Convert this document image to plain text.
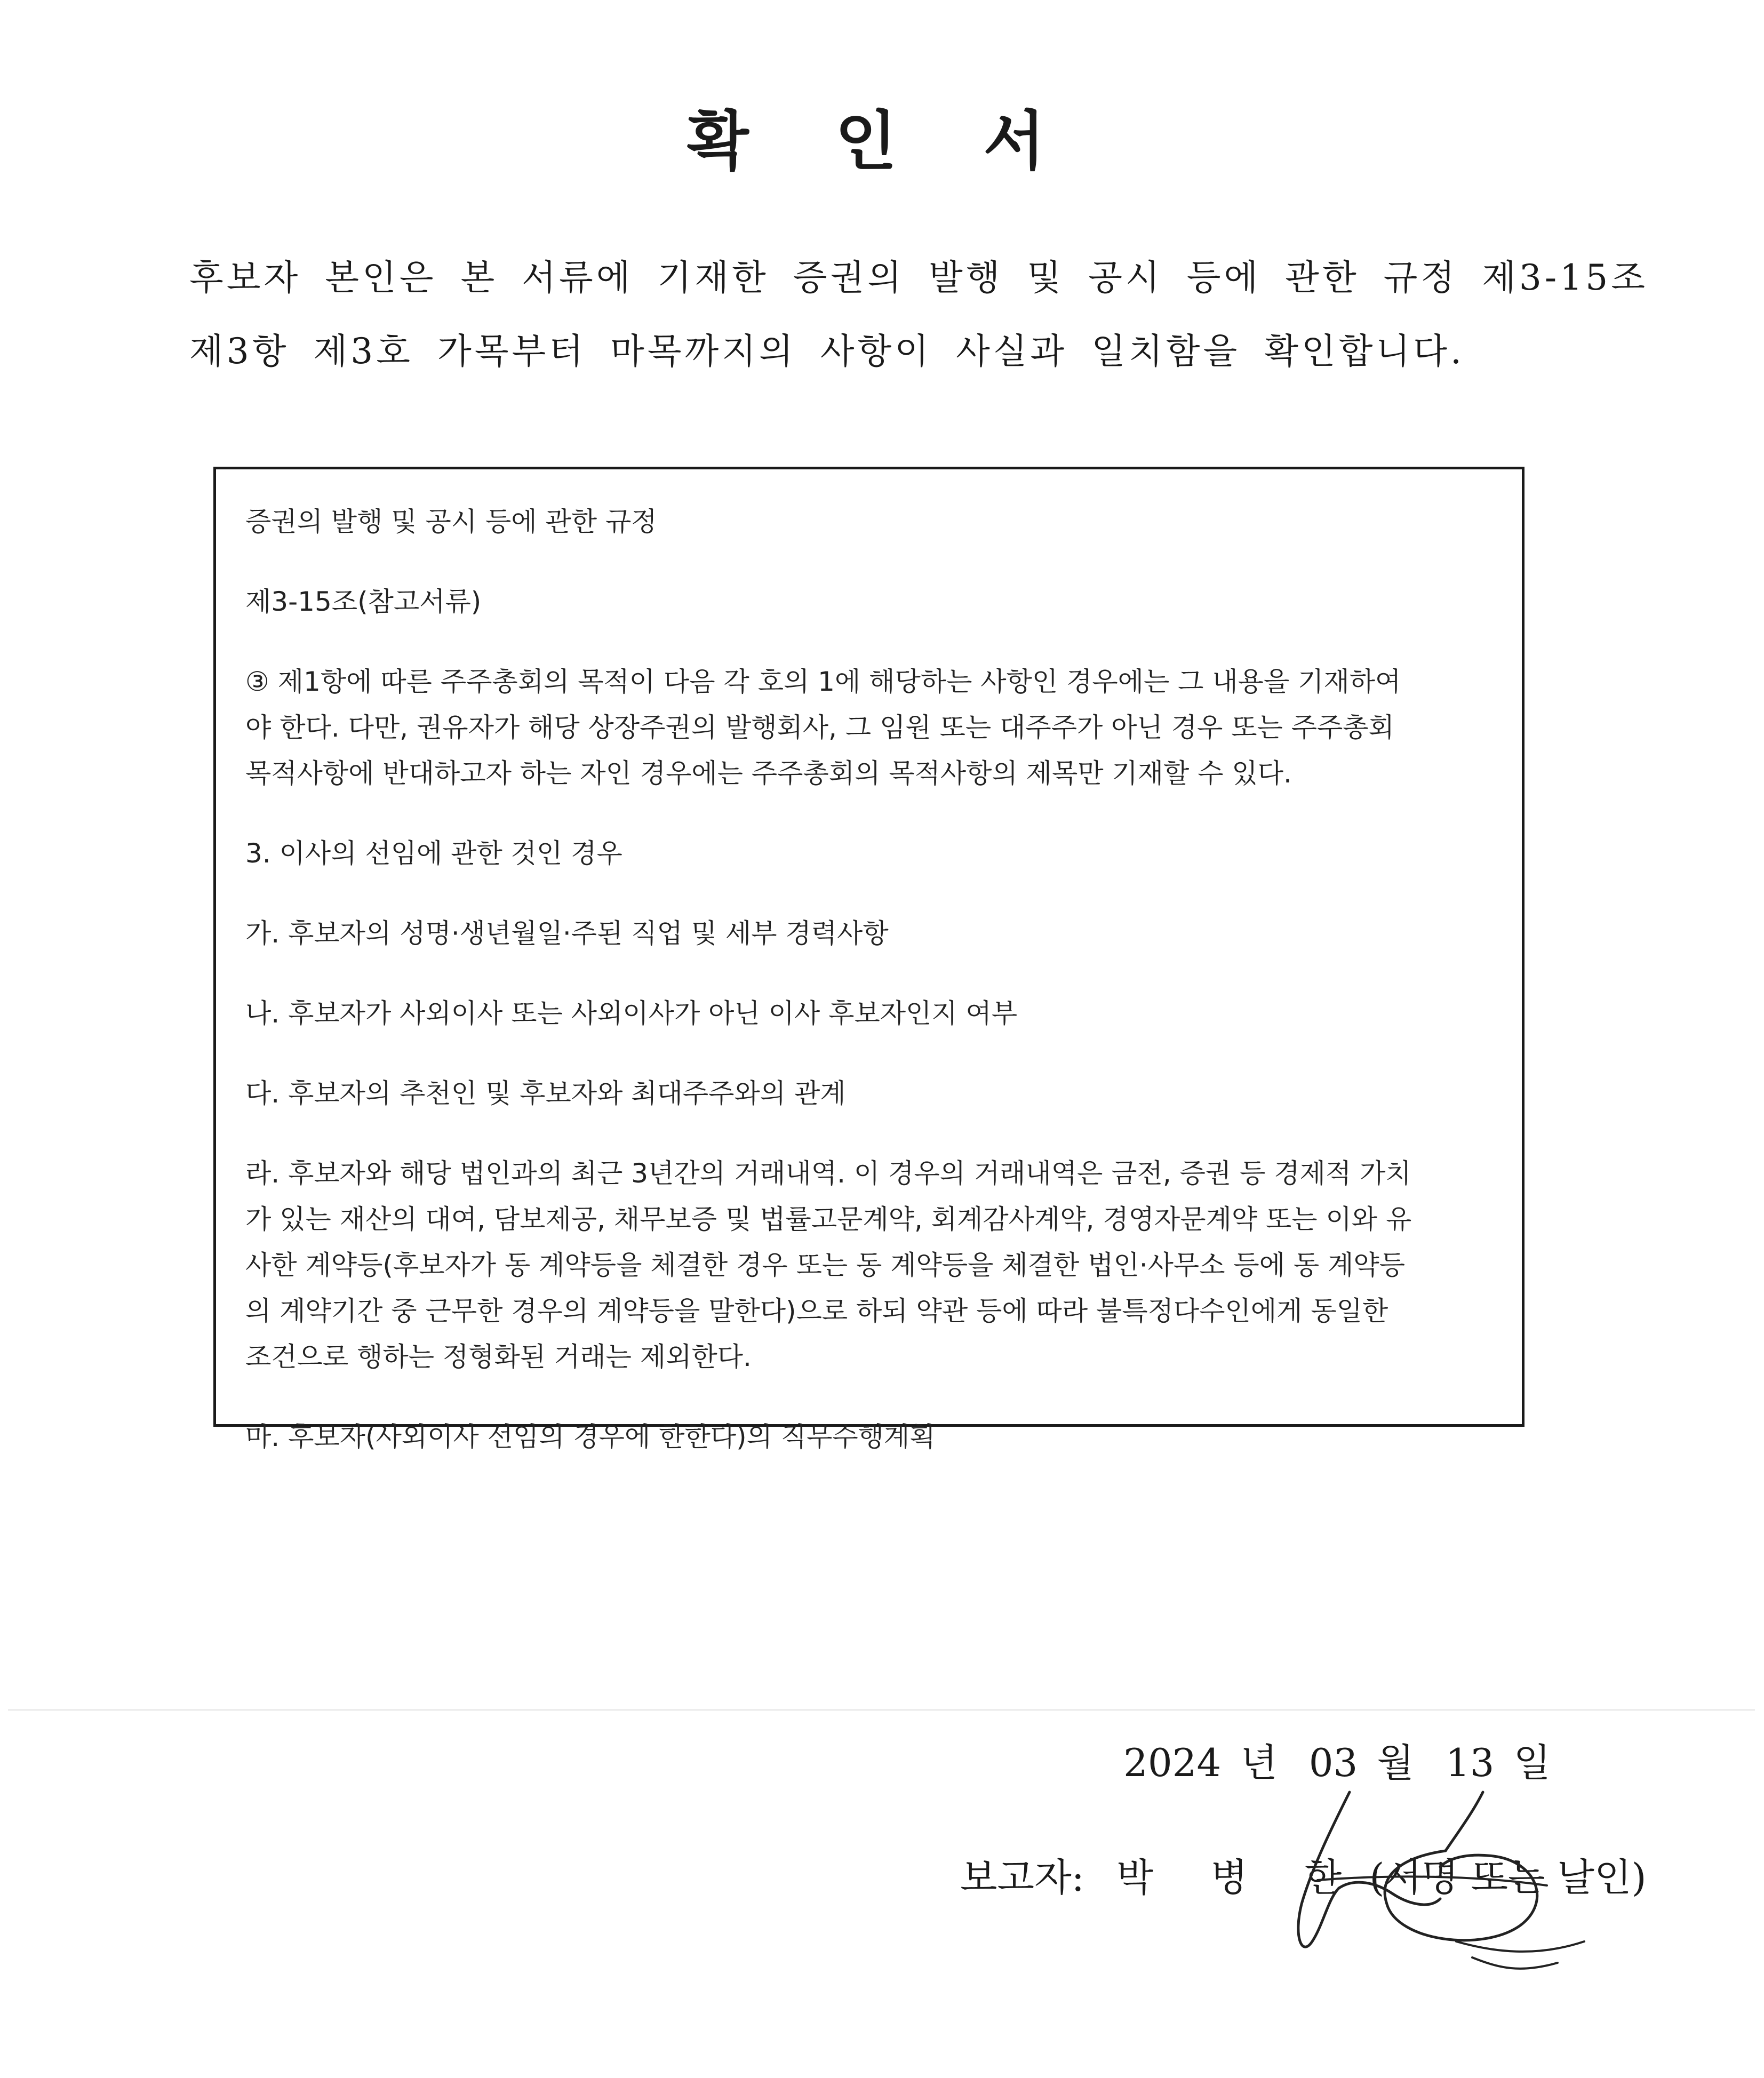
확 인 서

후보자 본인은 본 서류에 기재한 증권의 발행 및 공시 등에 관한 규정 제3-15조
제3항 제3호 가목부터 마목까지의 사항이 사실과 일치함을 확인합니다.

증권의 발행 및 공시 등에 관한 규정
제3-15조(참고서류)
③ 제1항에 따른 주주총회의 목적이 다음 각 호의 1에 해당하는 사항인 경우에는 그 내용을 기재하여
야 한다. 다만, 권유자가 해당 상장주권의 발행회사, 그 임원 또는 대주주가 아닌 경우 또는 주주총회
목적사항에 반대하고자 하는 자인 경우에는 주주총회의 목적사항의 제목만 기재할 수 있다.
3. 이사의 선임에 관한 것인 경우
가. 후보자의 성명·생년월일·주된 직업 및 세부 경력사항
나. 후보자가 사외이사 또는 사외이사가 아닌 이사 후보자인지 여부
다. 후보자의 추천인 및 후보자와 최대주주와의 관계
라. 후보자와 해당 법인과의 최근 3년간의 거래내역. 이 경우의 거래내역은 금전, 증권 등 경제적 가치
가 있는 재산의 대여, 담보제공, 채무보증 및 법률고문계약, 회계감사계약, 경영자문계약 또는 이와 유
사한 계약등(후보자가 동 계약등을 체결한 경우 또는 동 계약등을 체결한 법인·사무소 등에 동 계약등
의 계약기간 중 근무한 경우의 계약등을 말한다)으로 하되 약관 등에 따라 불특정다수인에게 동일한
조건으로 행하는 정형화된 거래는 제외한다.
마. 후보자(사외이사 선임의 경우에 한한다)의 직무수행계획
2024 년 03 월 13 일
보고자: 박 병 한 (서명 또는 날인)
